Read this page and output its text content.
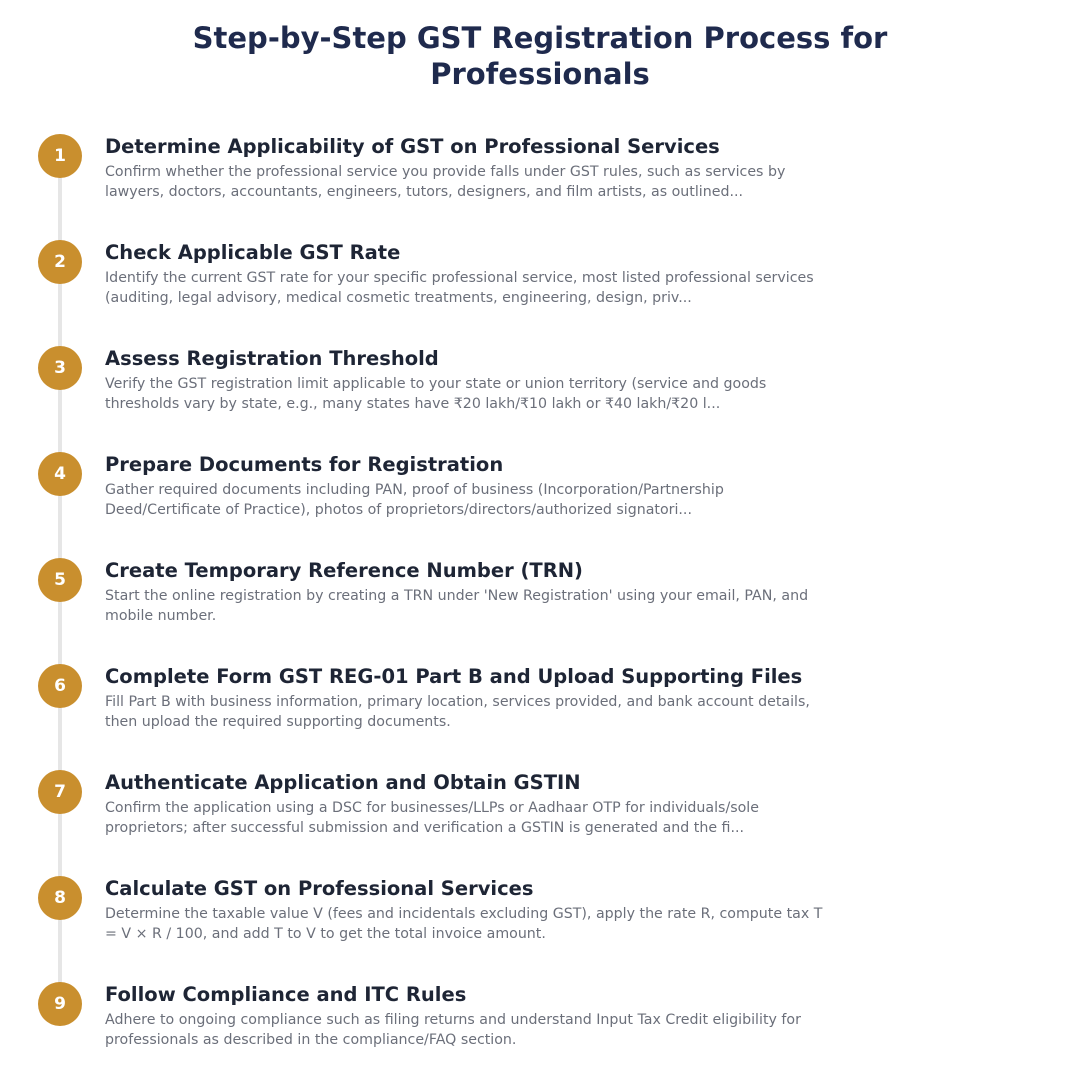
Step-by-Step GST Registration Process for Professionals
1	Determine Applicability of GST on Professional Services

Confirm whether the professional service you provide falls under GST rules, such as services by lawyers, doctors, accountants, engineers, tutors, designers, and film artists, as outlined...

2	Check Applicable GST Rate

Identify the current GST rate for your specific professional service, most listed professional services (auditing, legal advisory, medical cosmetic treatments, engineering, design, priv...

3	Assess Registration Threshold

Verify the GST registration limit applicable to your state or union territory (service and goods thresholds vary by state, e.g., many states have ₹20 lakh/₹10 lakh or ₹40 lakh/₹20 l...

4	Prepare Documents for Registration

Gather required documents including PAN, proof of business (Incorporation/Partnership Deed/Certificate of Practice), photos of proprietors/directors/authorized signatori...

5	Create Temporary Reference Number (TRN)

Start the online registration by creating a TRN under 'New Registration' using your email, PAN, and mobile number.

6	Complete Form GST REG-01 Part B and Upload Supporting Files

Fill Part B with business information, primary location, services provided, and bank account details, then upload the required supporting documents.

7	Authenticate Application and Obtain GSTIN

Confirm the application using a DSC for businesses/LLPs or Aadhaar OTP for individuals/sole proprietors; after successful submission and verification a GSTIN is generated and the fi...

8	Calculate GST on Professional Services

Determine the taxable value V (fees and incidentals excluding GST), apply the rate R, compute tax T = V × R / 100, and add T to V to get the total invoice amount.

9	Follow Compliance and ITC Rules

Adhere to ongoing compliance such as filing returns and understand Input Tax Credit eligibility for professionals as described in the compliance/FAQ section.
